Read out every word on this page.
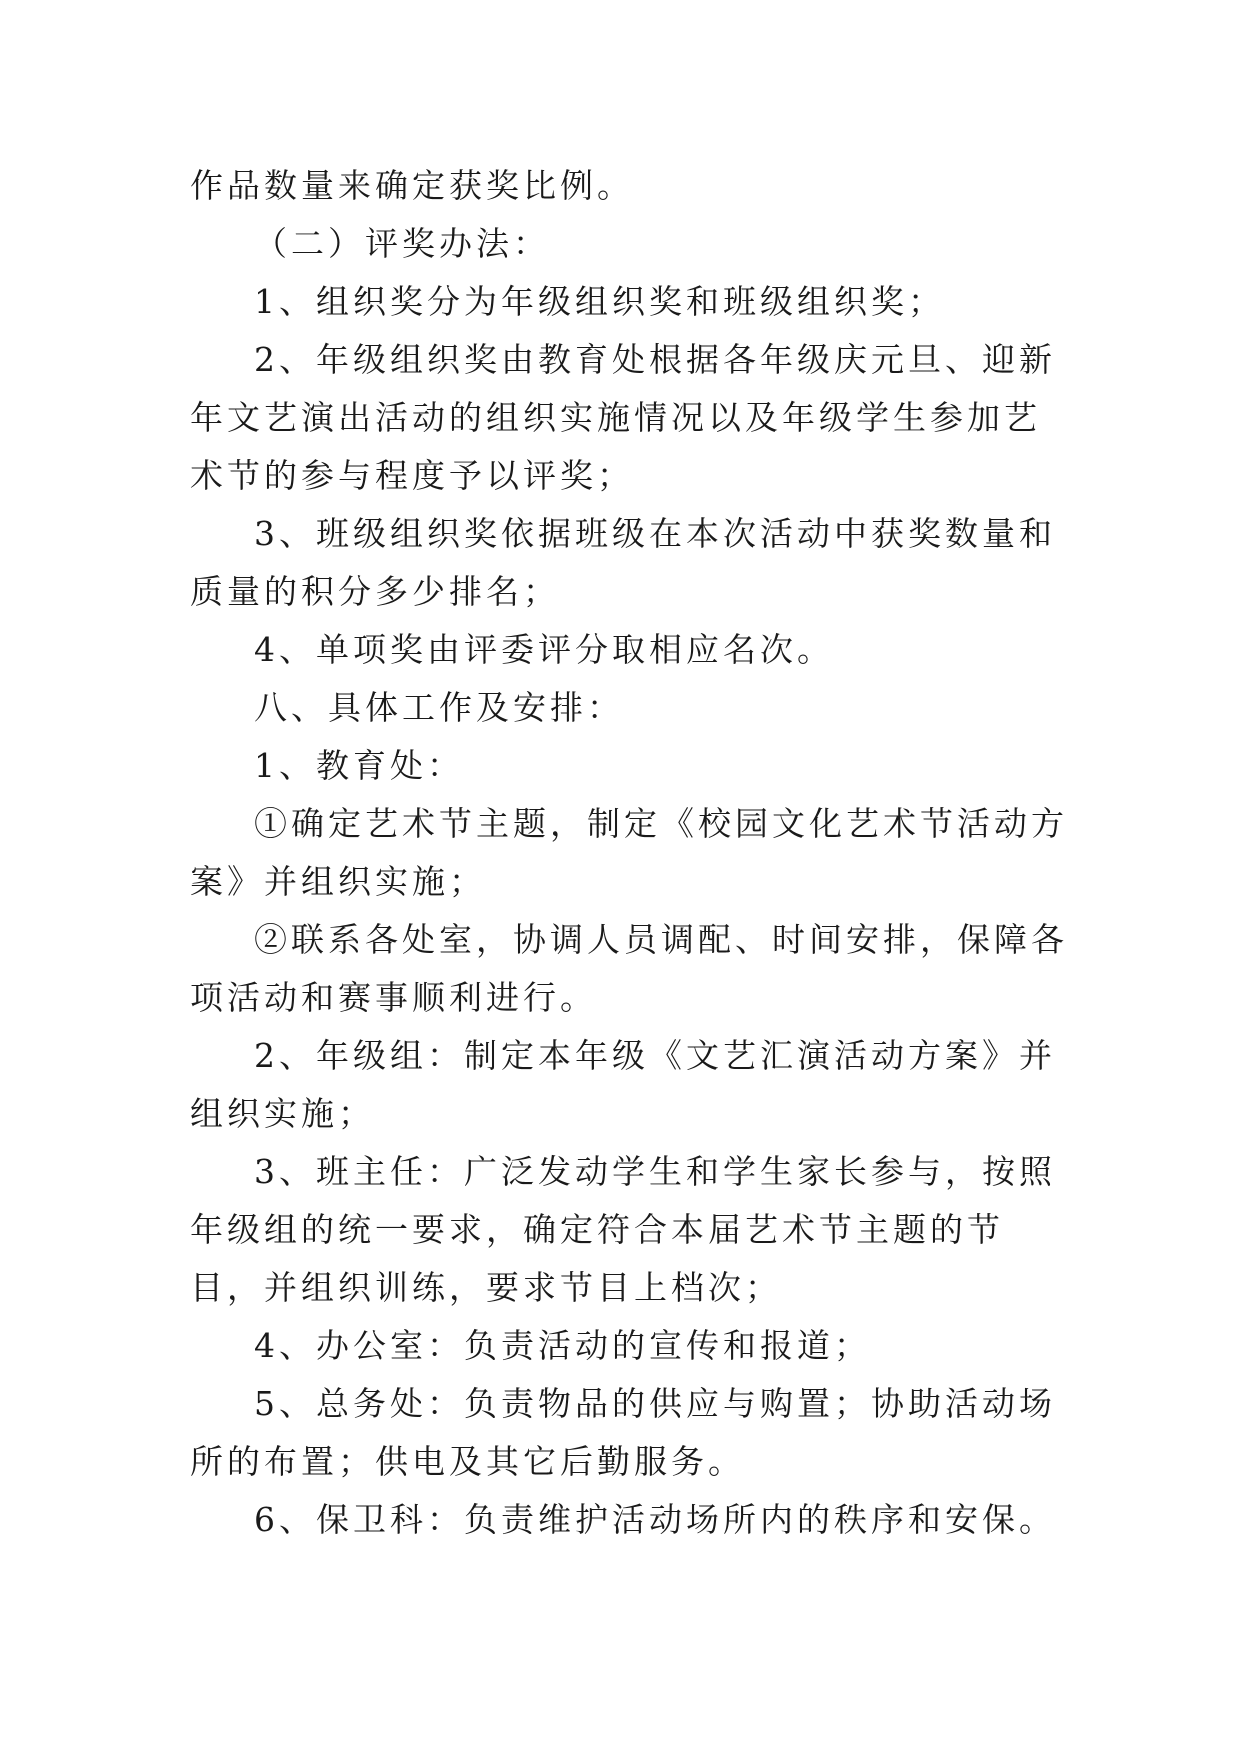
作品数量来确定获奖比例。

（二）评奖办法：

1、组织奖分为年级组织奖和班级组织奖；

2、年级组织奖由教育处根据各年级庆元旦、迎新年文艺演出活动的组织实施情况以及年级学生参加艺术节的参与程度予以评奖；

3、班级组织奖依据班级在本次活动中获奖数量和质量的积分多少排名；

4、单项奖由评委评分取相应名次。

八、具体工作及安排：

1、教育处：

①确定艺术节主题，制定《校园文化艺术节活动方案》并组织实施；

②联系各处室，协调人员调配、时间安排，保障各项活动和赛事顺利进行。

2、年级组：制定本年级《文艺汇演活动方案》并组织实施；

3、班主任：广泛发动学生和学生家长参与，按照年级组的统一要求，确定符合本届艺术节主题的节目，并组织训练，要求节目上档次；

4、办公室：负责活动的宣传和报道；

5、总务处：负责物品的供应与购置；协助活动场所的布置；供电及其它后勤服务。

6、保卫科：负责维护活动场所内的秩序和安保。
